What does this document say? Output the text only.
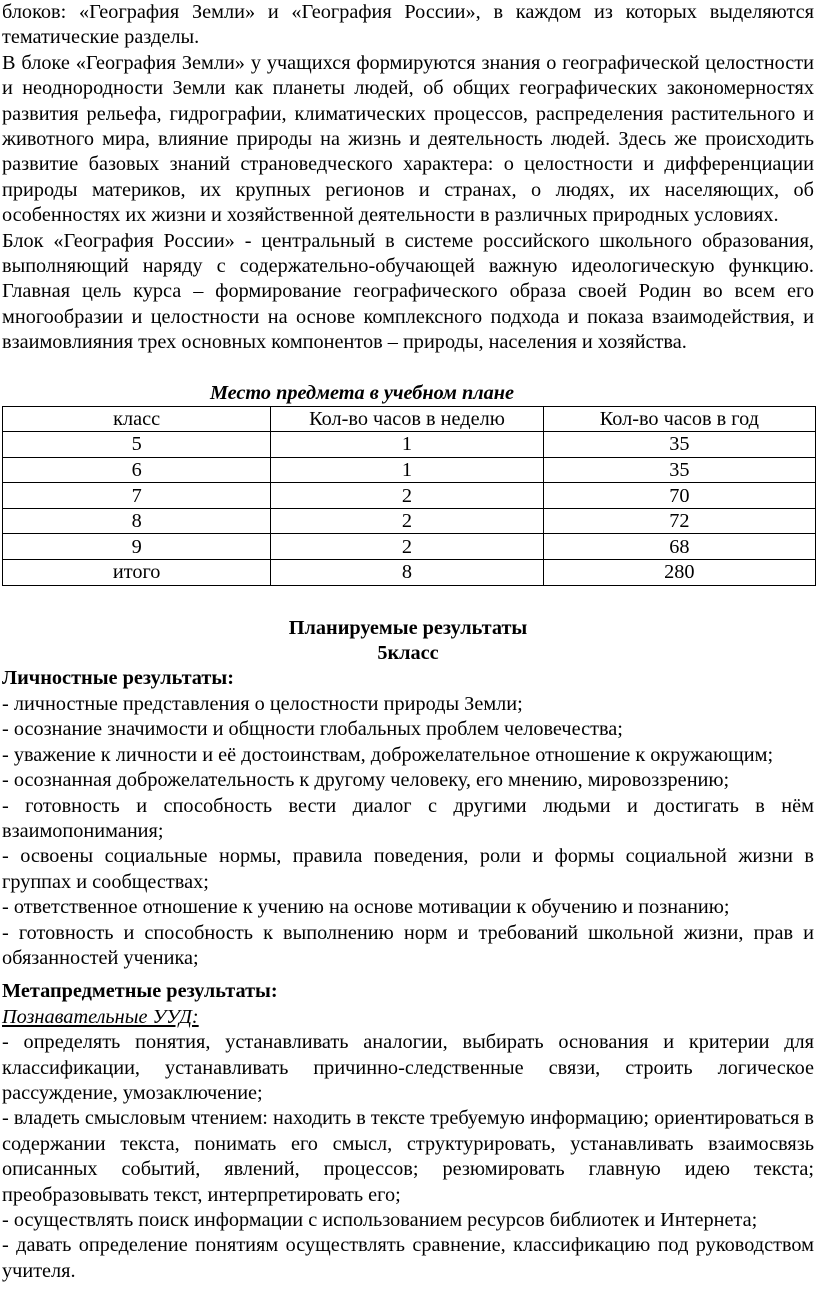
блоков: «География Земли» и «География России», в каждом из которых выделяются тематические разделы.

В блоке «География Земли» у учащихся формируются знания о географической целостности и неоднородности Земли как планеты людей, об общих географических закономерностях развития рельефа, гидрографии, климатических процессов, распределения растительного и животного мира, влияние природы на жизнь и деятельность людей. Здесь же происходить развитие базовых знаний страноведческого характера: о целостности и дифференциации природы материков, их крупных регионов и странах, о людях, их населяющих, об особенностях их жизни и хозяйственной деятельности в различных природных условиях.

Блок «География России» - центральный в системе российского школьного образования, выполняющий наряду с содержательно-обучающей важную идеологическую функцию. Главная цель курса – формирование географического образа своей Родин во всем его многообразии и целостности на основе комплексного подхода и показа взаимодействия, и взаимовлияния трех основных компонентов – природы, населения и хозяйства.

Место предмета в учебном плане

класс	Кол-во часов в неделю	Кол-во часов в год
5	1	35
6	1	35
7	2	70
8	2	72
9	2	68
итого	8	280

Планируемые результаты

5класс

Личностные результаты:

- личностные представления о целостности природы Земли;

- осознание значимости и общности глобальных проблем человечества;

- уважение к личности и её достоинствам, доброжелательное отношение к окружающим;

- осознанная доброжелательность к другому человеку, его мнению, мировоззрению;

- готовность и способность вести диалог с другими людьми и достигать в нём взаимопонимания;

- освоены социальные нормы, правила поведения, роли и формы социальной жизни в группах и сообществах;

- ответственное отношение к учению на основе мотивации к обучению и познанию;

- готовность и способность к выполнению норм и требований школьной жизни, прав и обязанностей ученика;

Метапредметные результаты:

Познавательные УУД:

- определять понятия, устанавливать аналогии, выбирать основания и критерии для классификации, устанавливать причинно-следственные связи, строить логическое рассуждение, умозаключение;

- владеть смысловым чтением: находить в тексте требуемую информацию; ориентироваться в содержании текста, понимать его смысл, структурировать, устанавливать взаимосвязь описанных событий, явлений, процессов; резюмировать главную идею текста; преобразовывать текст, интерпретировать его;

- осуществлять поиск информации с использованием ресурсов библиотек и Интернета;

- давать определение понятиям осуществлять сравнение, классификацию под руководством учителя.
